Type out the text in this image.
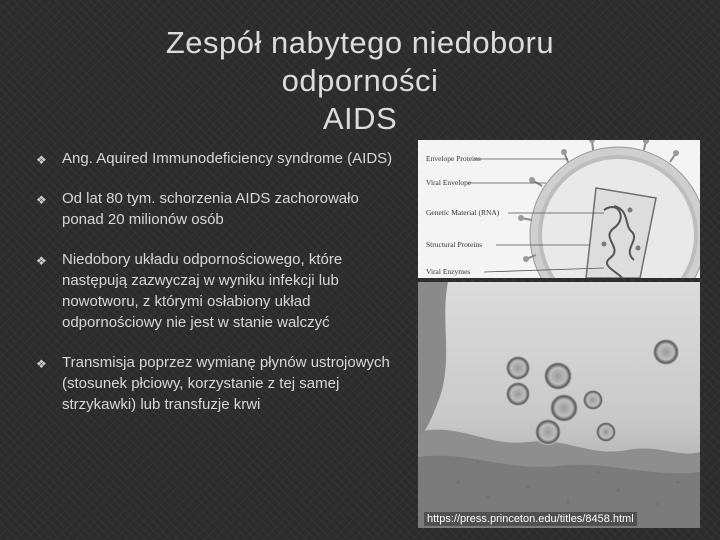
Zespół nabytego niedoboru
odporności
AIDS
❖ Ang. Aquired Immunodeficiency syndrome (AIDS)
❖ Od lat 80 tym. schorzenia AIDS zachorowało ponad 20 milionów osób
❖ Niedobory układu odpornościowego, które następują zazwyczaj w wyniku infekcji lub nowotworu, z którymi osłabiony układ odpornościowy nie jest w stanie walczyć
❖ Transmisja poprzez wymianę płynów ustrojowych (stosunek płciowy, korzystanie z tej samej strzykawki) lub transfuzje krwi
Envelope Proteins
Viral Envelope
Genetic Material (RNA)
Structural Proteins
Viral Enzymes
https://press.princeton.edu/titles/8458.html
